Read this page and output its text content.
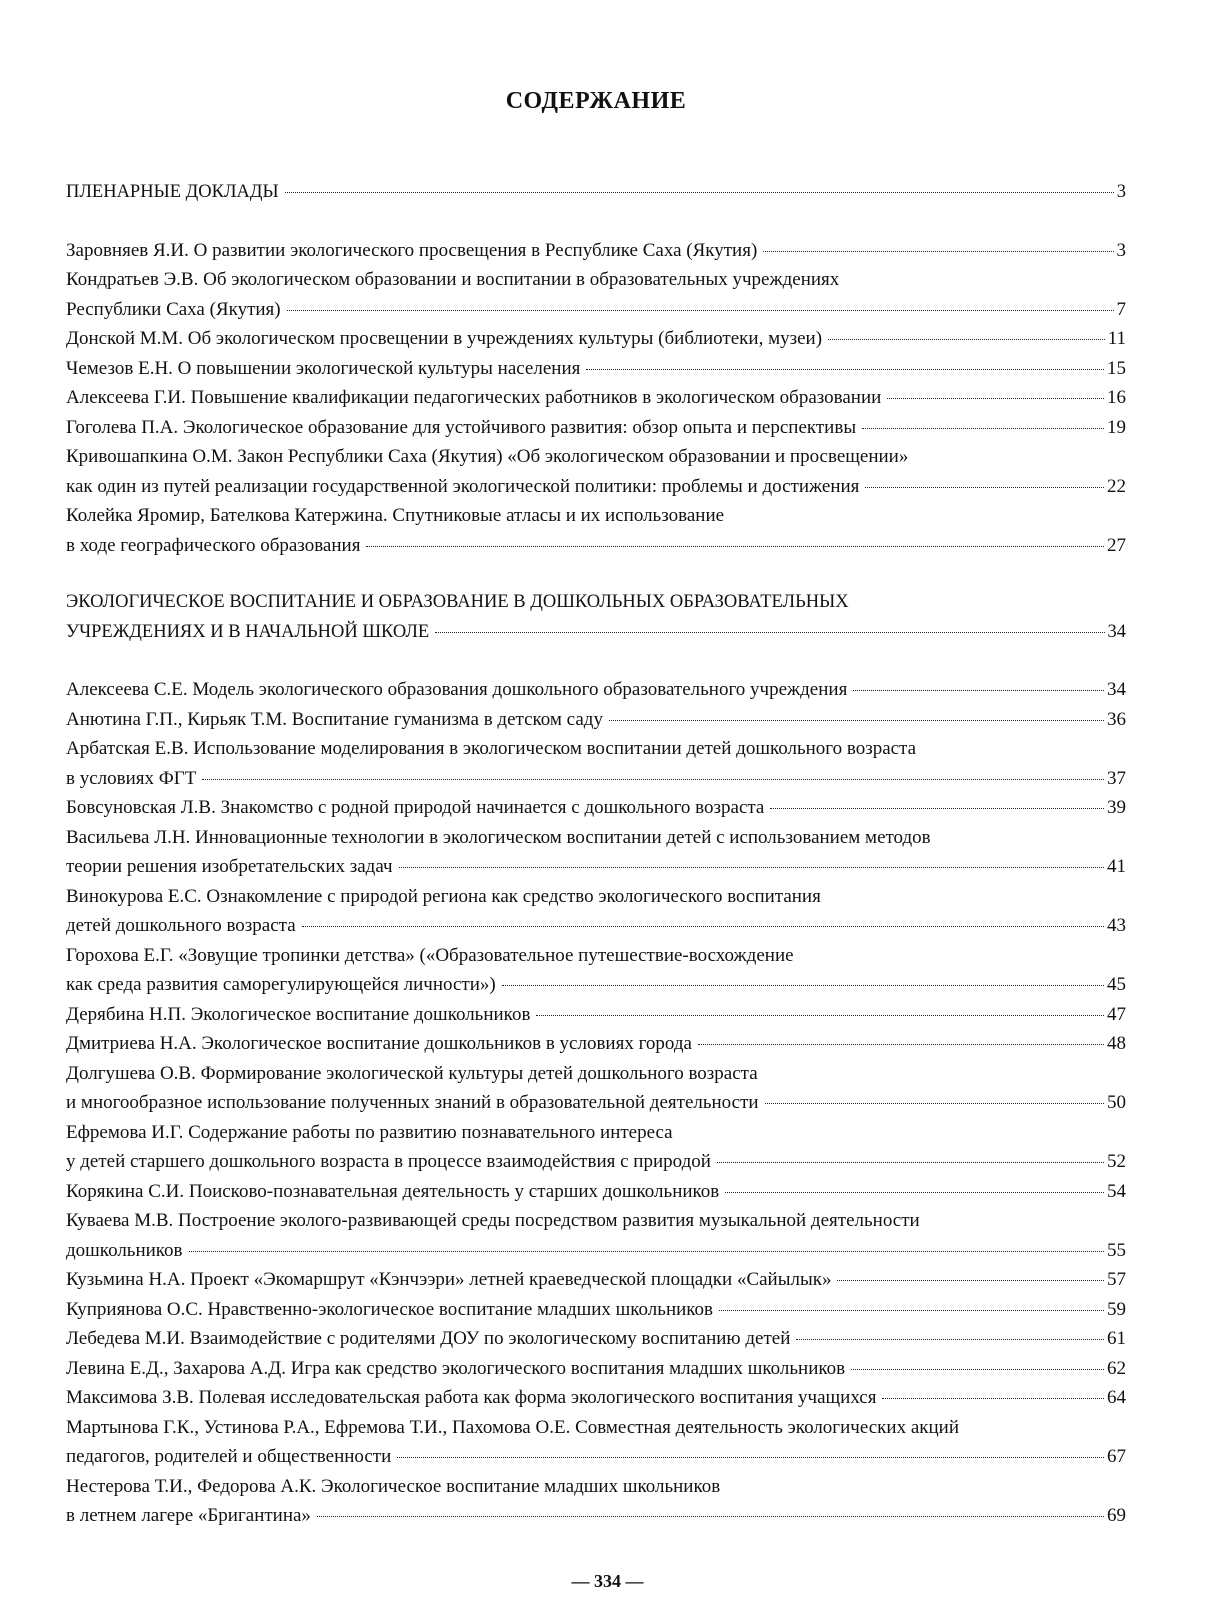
СОДЕРЖАНИЕ
ПЛЕНАРНЫЕ ДОКЛАДЫ	3
Заровняев Я.И. О развитии экологического просвещения в Республике Саха (Якутия)	3
Кондратьев Э.В. Об экологическом образовании и воспитании в образовательных учреждениях
Республики Саха (Якутия)	7
Донской М.М. Об экологическом просвещении в учреждениях культуры (библиотеки, музеи)	11
Чемезов Е.Н. О повышении экологической культуры населения	15
Алексеева Г.И. Повышение квалификации педагогических работников в экологическом образовании	16
Гоголева П.А. Экологическое образование для устойчивого развития: обзор опыта и перспективы	19
Кривошапкина О.М. Закон Республики Саха (Якутия) «Об экологическом образовании и просвещении»
как один из путей реализации государственной экологической политики: проблемы и достижения	22
Колейка Яромир, Бателкова Катержина. Спутниковые атласы и их использование
в ходе географического образования	27
ЭКОЛОГИЧЕСКОЕ ВОСПИТАНИЕ И ОБРАЗОВАНИЕ В ДОШКОЛЬНЫХ ОБРАЗОВАТЕЛЬНЫХ
УЧРЕЖДЕНИЯХ И В НАЧАЛЬНОЙ ШКОЛЕ	34
Алексеева С.Е. Модель экологического образования дошкольного образовательного учреждения	34
Анютина Г.П., Кирьяк Т.М. Воспитание гуманизма в детском саду	36
Арбатская Е.В. Использование моделирования в экологическом воспитании детей дошкольного возраста
в условиях ФГТ	37
Бовсуновская Л.В. Знакомство с родной природой начинается с дошкольного возраста	39
Васильева Л.Н. Инновационные технологии в экологическом воспитании детей с использованием методов
теории решения изобретательских задач	41
Винокурова Е.С. Ознакомление с природой региона как средство экологического воспитания
детей дошкольного возраста	43
Горохова Е.Г. «Зовущие тропинки детства» («Образовательное путешествие-восхождение
как среда развития саморегулирующейся личности»)	45
Дерябина Н.П. Экологическое воспитание дошкольников	47
Дмитриева Н.А. Экологическое воспитание дошкольников в условиях города	48
Долгушева О.В. Формирование экологической культуры детей дошкольного возраста
и многообразное использование полученных знаний в образовательной деятельности	50
Ефремова И.Г. Содержание работы по развитию познавательного интереса
у детей старшего дошкольного возраста в процессе взаимодействия с природой	52
Корякина С.И. Поисково-познавательная деятельность у старших дошкольников	54
Куваева М.В. Построение эколого-развивающей среды посредством развития музыкальной деятельности
дошкольников	55
Кузьмина Н.А. Проект «Экомаршрут «Кэнчээри» летней краеведческой площадки «Сайылык»	57
Куприянова О.С. Нравственно-экологическое воспитание младших школьников	59
Лебедева М.И. Взаимодействие с родителями ДОУ по экологическому воспитанию детей	61
Левина Е.Д., Захарова А.Д. Игра как средство экологического воспитания младших школьников	62
Максимова З.В. Полевая исследовательская работа как форма экологического воспитания учащихся	64
Мартынова Г.К., Устинова Р.А., Ефремова Т.И., Пахомова О.Е. Совместная деятельность экологических акций
педагогов, родителей и общественности	67
Нестерова Т.И., Федорова А.К. Экологическое воспитание младших школьников
в летнем лагере «Бригантина»	69
— 334 —
